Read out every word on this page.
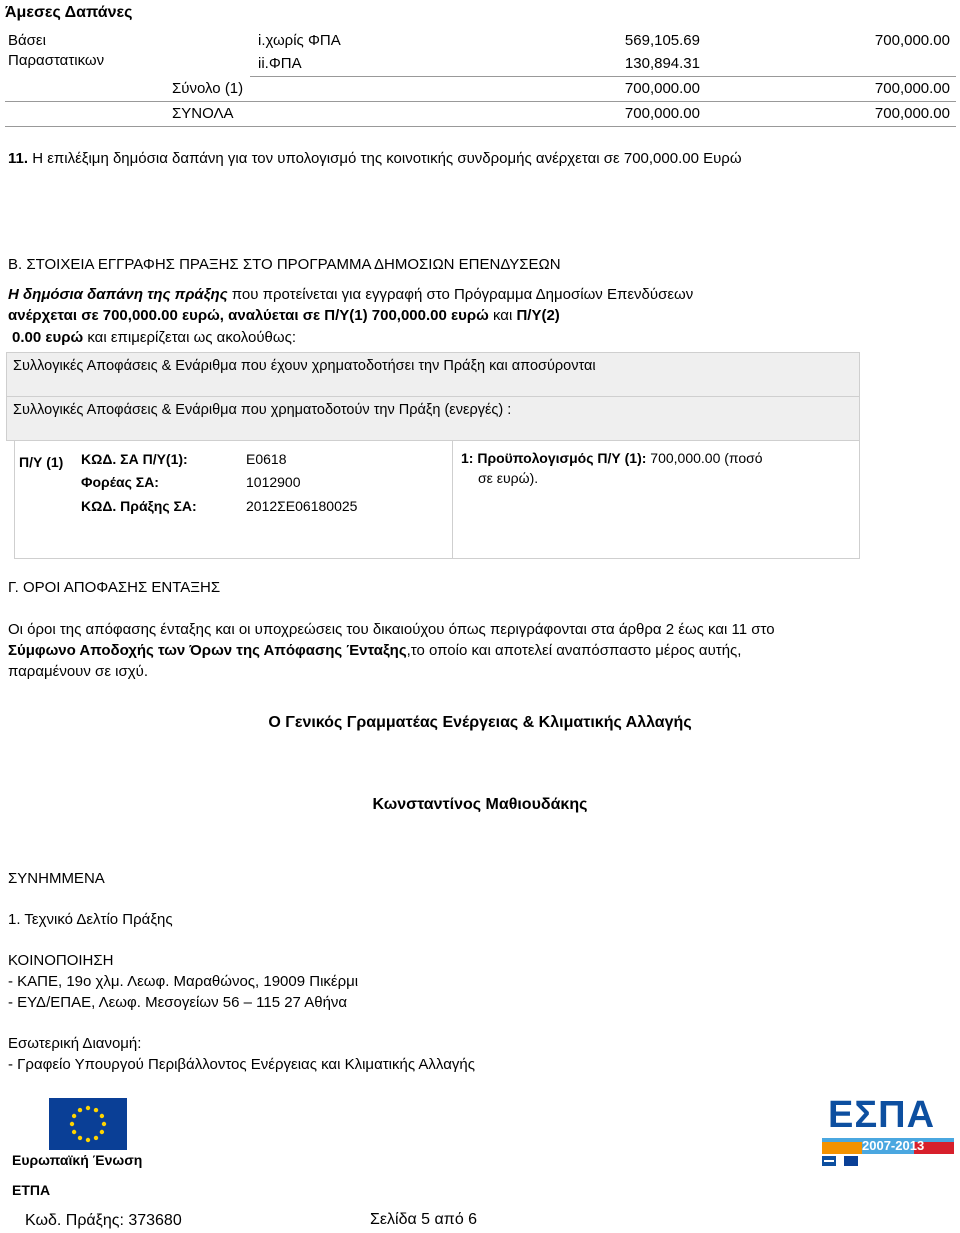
Άμεσες Δαπάνες
Βάσει
Παραστατικων
i.χωρίς ΦΠΑ	569,105.69	700,000.00
ii.ΦΠΑ	130,894.31
Σύνολο (1)	700,000.00	700,000.00
ΣΥΝΟΛΑ	700,000.00	700,000.00
11. Η επιλέξιμη δημόσια δαπάνη για τον υπολογισμό της κοινοτικής συνδρομής ανέρχεται σε 700,000.00 Ευρώ
Β. ΣΤΟΙΧΕΙΑ ΕΓΓΡΑΦΗΣ ΠΡΑΞΗΣ ΣΤΟ ΠΡΟΓΡΑΜΜΑ ΔΗΜΟΣΙΩΝ ΕΠΕΝΔΥΣΕΩΝ
Η δημόσια δαπάνη της πράξης που προτείνεται για εγγραφή στο Πρόγραμμα Δημοσίων Επενδύσεων
ανέρχεται σε 700,000.00 ευρώ, αναλύεται σε Π/Υ(1) 700,000.00 ευρώ και Π/Υ(2)
0.00 ευρώ και επιμερίζεται ως ακολούθως:
Συλλογικές Αποφάσεις & Ενάριθμα που έχουν χρηματοδοτήσει την Πράξη και αποσύρονται
Συλλογικές Αποφάσεις & Ενάριθμα που χρηματοδοτούν την Πράξη (ενεργές) :
Π/Υ (1) ΚΩΔ. ΣΑ Π/Υ(1):	Ε0618
Φορέας ΣΑ:	1012900
ΚΩΔ. Πράξης ΣΑ:	2012ΣΕ06180025
1: Προϋπολογισμός Π/Υ (1): 700,000.00 (ποσό
σε ευρώ).
Γ. ΟΡΟΙ ΑΠΟΦΑΣΗΣ ΕΝΤΑΞΗΣ
Οι όροι της απόφασης ένταξης και οι υποχρεώσεις του δικαιούχου όπως περιγράφονται στα άρθρα 2 έως και 11 στο
Σύμφωνο Αποδοχής των Όρων της Απόφασης Ένταξης,το οποίο και αποτελεί αναπόσπαστο μέρος αυτής,
παραμένουν σε ισχύ.
Ο Γενικός Γραμματέας Ενέργειας & Κλιματικής Αλλαγής
Κωνσταντίνος Μαθιουδάκης
ΣΥΝΗΜΜΕΝΑ
1. Τεχνικό Δελτίο Πράξης
ΚΟΙΝΟΠΟΙΗΣΗ
- ΚΑΠΕ, 19ο χλμ. Λεωφ. Μαραθώνος, 19009 Πικέρμι
- ΕΥΔ/ΕΠΑΕ, Λεωφ. Μεσογείων 56 – 115 27 Αθήνα
Εσωτερική Διανομή:
- Γραφείο Υπουργού Περιβάλλοντος Ενέργειας και Κλιματικής Αλλαγής
Ευρωπαϊκή Ένωση
ΕΤΠΑ
ΕΣΠΑ
2007-2013
Κωδ. Πράξης: 373680	Σελίδα 5 από 6
